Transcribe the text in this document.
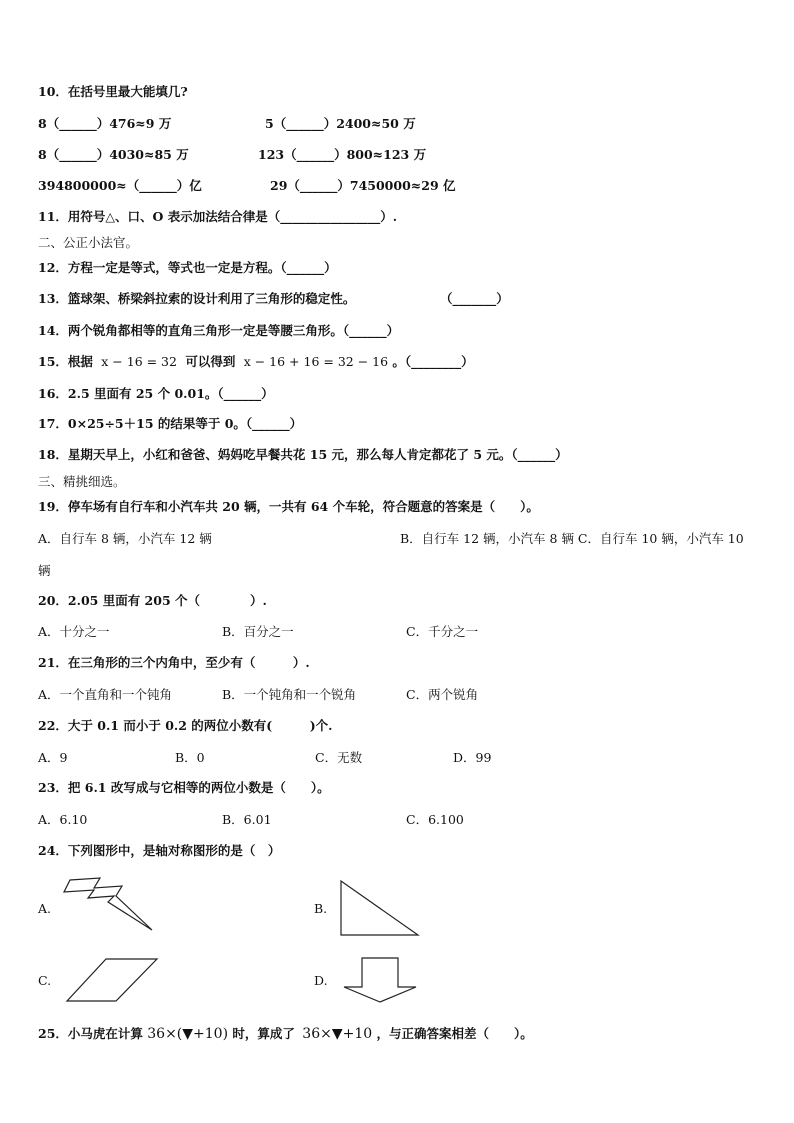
10．在括号里最大能填几?
8（______）476≈9 万	5（______）2400≈50 万
8（______）4030≈85 万	123（______）800≈123 万
394800000≈（______）亿	29（______）7450000≈29 亿
11．用符号△、口、O 表示加法结合律是（________________）.
二、公正小法官。
12．方程一定是等式，等式也一定是方程。（______）
13．篮球架、桥梁斜拉索的设计利用了三角形的稳定性。	（_______）
14．两个锐角都相等的直角三角形一定是等腰三角形。（______）
15．根据 x − 16 = 32 可以得到 x − 16 + 16 = 32 − 16 。（________）
16．2.5 里面有 25 个 0.01。（______）
17．0×25÷5＋15 的结果等于 0。（______）
18．星期天早上，小红和爸爸、妈妈吃早餐共花 15 元，那么每人肯定都花了 5 元。（______）
三、精挑细选。
19．停车场有自行车和小汽车共 20 辆，一共有 64 个车轮，符合题意的答案是（　　）。
A．自行车 8 辆，小汽车 12 辆	B．自行车 12 辆，小汽车 8 辆 C．自行车 10 辆，小汽车 10
辆
20．2.05 里面有 205 个（　　　　）.
A．十分之一	B．百分之一	C．千分之一
21．在三角形的三个内角中，至少有（　　　）.
A．一个直角和一个钝角	B．一个钝角和一个锐角	C．两个锐角
22．大于 0.1 而小于 0.2 的两位小数有(　　　)个.
A．9	B．0	C．无数	D．99
23．把 6.1 改写成与它相等的两位小数是（　　）。
A．6.10	B．6.01	C．6.100
24．下列图形中，是轴对称图形的是（　）
A.	B.
C.	D.
25．小马虎在计算 36×(▼+10) 时，算成了 36×▼+10 ，与正确答案相差（　　）。
